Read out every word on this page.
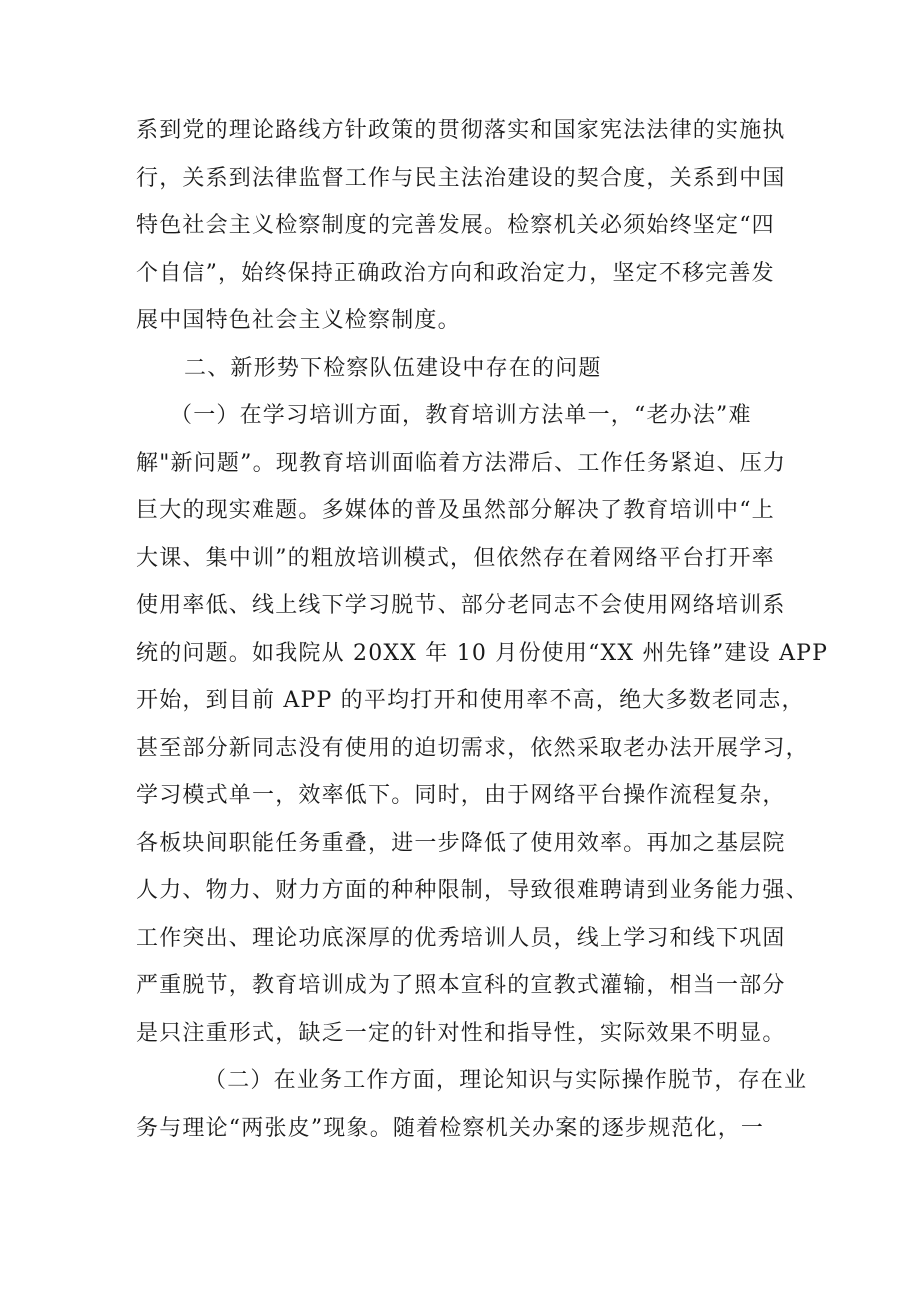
系到党的理论路线方针政策的贯彻落实和国家宪法法律的实施执
行，关系到法律监督工作与民主法治建设的契合度，关系到中国
特色社会主义检察制度的完善发展。检察机关必须始终坚定“四
个自信”，始终保持正确政治方向和政治定力，坚定不移完善发
展中国特色社会主义检察制度。
二、新形势下检察队伍建设中存在的问题
（一）在学习培训方面，教育培训方法单一，“老办法”难
解"新问题”。现教育培训面临着方法滞后、工作任务紧迫、压力
巨大的现实难题。多媒体的普及虽然部分解决了教育培训中“上
大课、集中训”的粗放培训模式，但依然存在着网络平台打开率
使用率低、线上线下学习脱节、部分老同志不会使用网络培训系
统的问题。如我院从 20XX 年 10 月份使用“XX 州先锋”建设 APP
开始，到目前 APP 的平均打开和使用率不高，绝大多数老同志，
甚至部分新同志没有使用的迫切需求，依然采取老办法开展学习，
学习模式单一，效率低下。同时，由于网络平台操作流程复杂，
各板块间职能任务重叠，进一步降低了使用效率。再加之基层院
人力、物力、财力方面的种种限制，导致很难聘请到业务能力强、
工作突出、理论功底深厚的优秀培训人员，线上学习和线下巩固
严重脱节，教育培训成为了照本宣科的宣教式灌输，相当一部分
是只注重形式，缺乏一定的针对性和指导性，实际效果不明显。
（二）在业务工作方面，理论知识与实际操作脱节，存在业
务与理论“两张皮”现象。随着检察机关办案的逐步规范化，一
